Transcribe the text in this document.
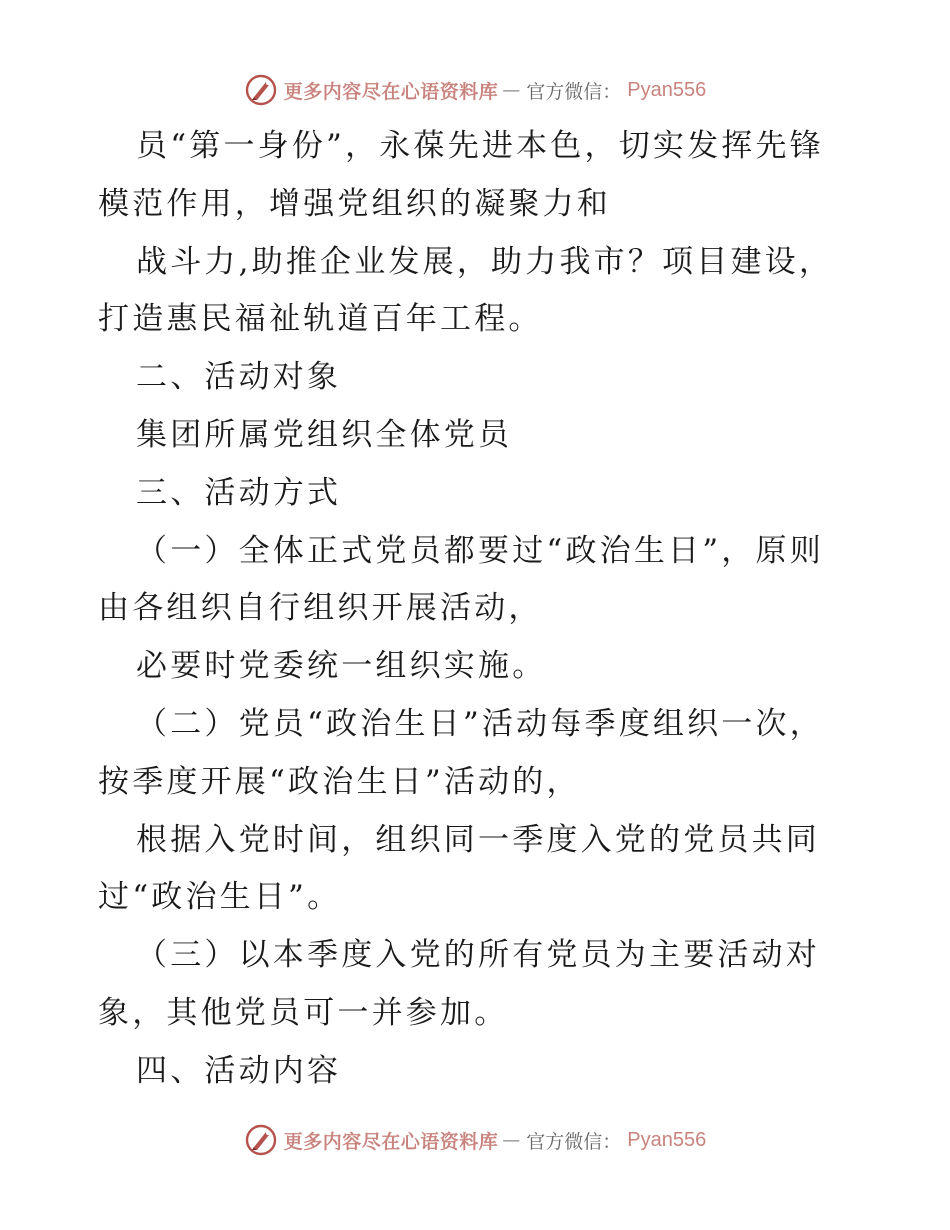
更多内容尽在心语资料库 — 官方微信： Pyan556

员“第一身份”，永葆先进本色，切实发挥先锋模范作用，增强党组织的凝聚力和

战斗力,助推企业发展，助力我市？项目建设，打造惠民福祉轨道百年工程。

二、活动对象

集团所属党组织全体党员

三、活动方式

（一）全体正式党员都要过“政治生日”，原则由各组织自行组织开展活动，

必要时党委统一组织实施。

（二）党员“政治生日”活动每季度组织一次，按季度开展“政治生日”活动的，

根据入党时间，组织同一季度入党的党员共同过“政治生日”。

（三）以本季度入党的所有党员为主要活动对象，其他党员可一并参加。

四、活动内容

更多内容尽在心语资料库 — 官方微信： Pyan556
